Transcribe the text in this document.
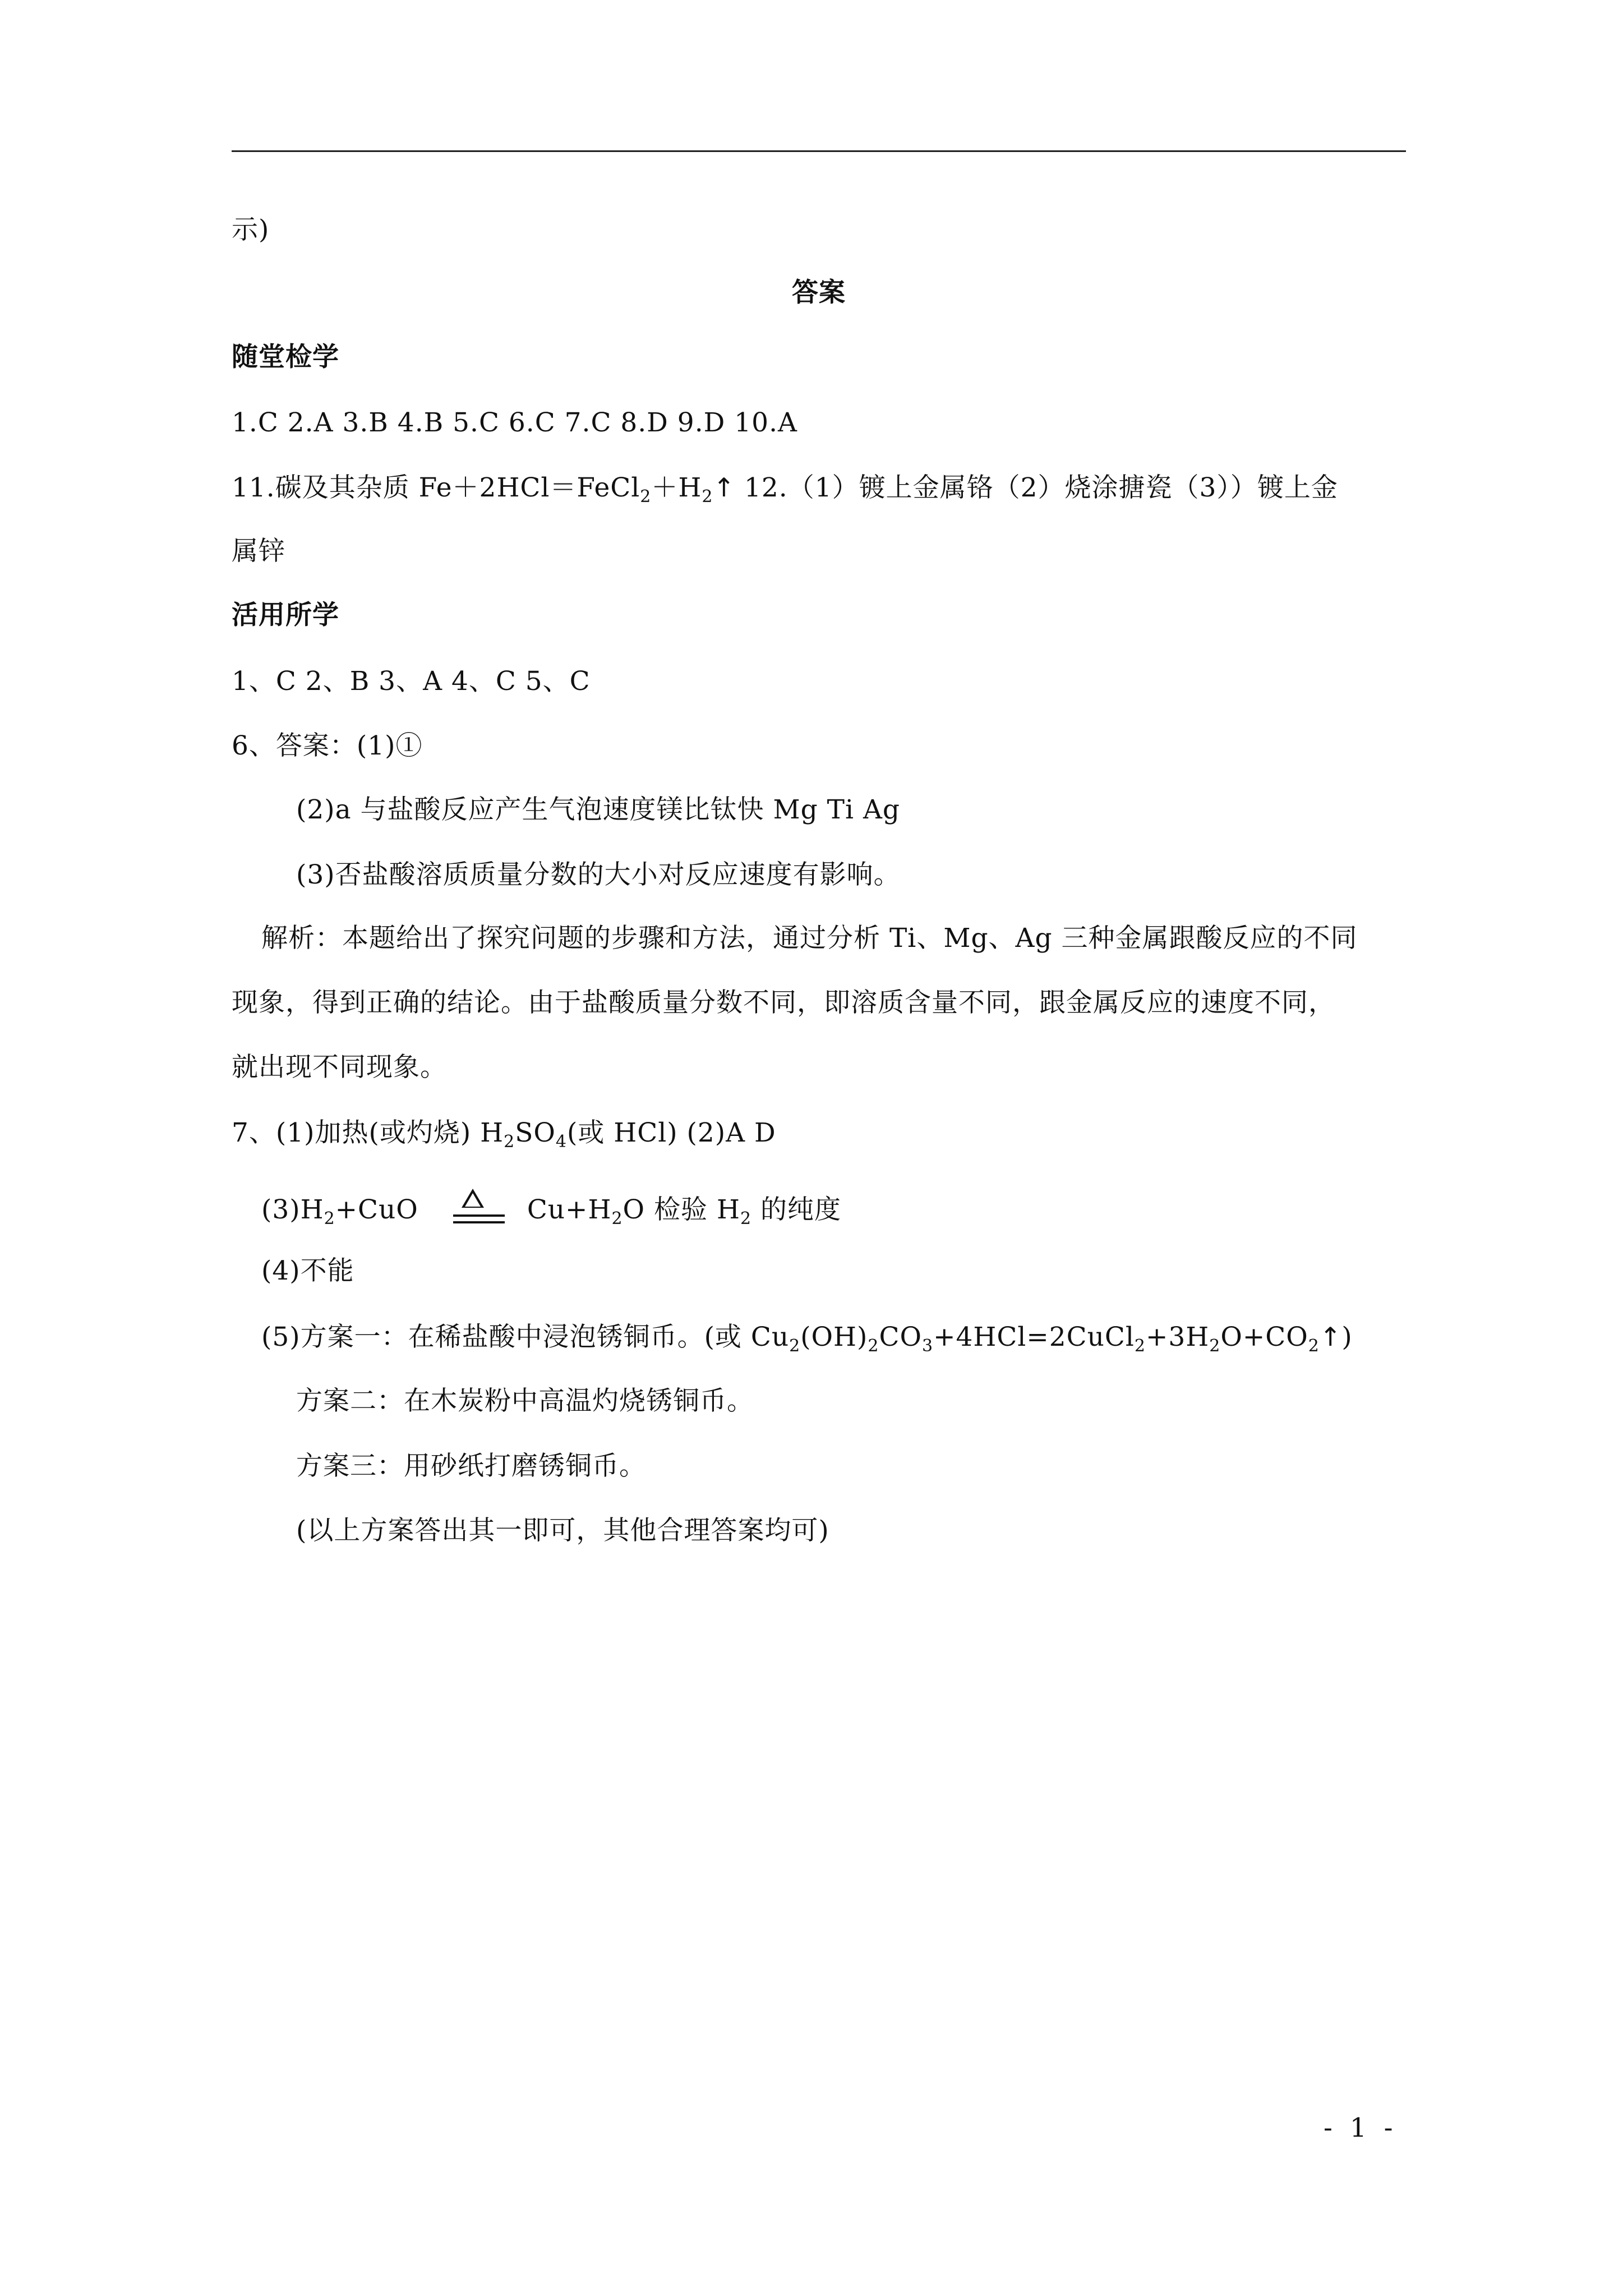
示)
答案
随堂检学
1.C 2.A 3.B 4.B 5.C 6.C 7.C 8.D 9.D 10.A
11.碳及其杂质 $Fe+2HCl=FeCl_2+H_2↑$ 12.（1）镀上金属铬（2）烧涂搪瓷（3））镀上金
属锌
活用所学
1、C 2、B 3、A 4、C 5、C
6、答案：(1)①
(2)a 与盐酸反应产生气泡速度镁比钛快 Mg Ti Ag
(3)否盐酸溶质质量分数的大小对反应速度有影响。
解析：本题给出了探究问题的步骤和方法，通过分析 Ti、Mg、Ag 三种金属跟酸反应的不同
现象，得到正确的结论。由于盐酸质量分数不同，即溶质含量不同，跟金属反应的速度不同，
就出现不同现象。
7、(1)加热(或灼烧) $H_2SO_4$(或 HCl) (2)A D
$(3)H_2+CuO$	$Cu+H_2O$ 检验 $H_2$ 的纯度
(4)不能
(5)方案一：在稀盐酸中浸泡锈铜币。(或 $Cu_2(OH)_2CO_3+4HCl=2CuCl_2+3H_2O+CO_2↑$)
方案二：在木炭粉中高温灼烧锈铜币。
方案三：用砂纸打磨锈铜币。
(以上方案答出其一即可，其他合理答案均可)
- 1 -
